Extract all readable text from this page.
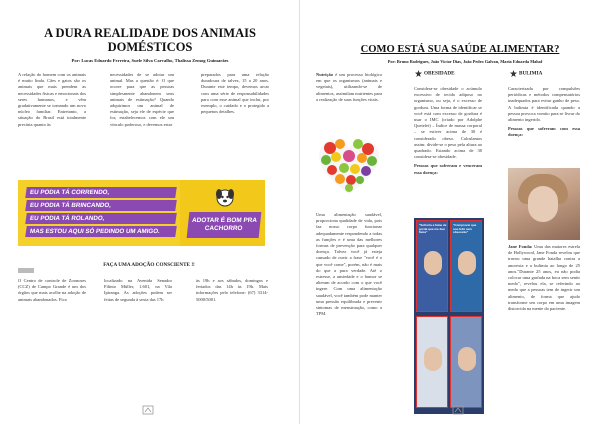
A DURA REALIDADE DOS ANIMAIS DOMÉSTICOS
Por: Lucas Eduardo Ferreira, Suele Silva Carvalho, Thalissa Zemog Guimarães

A relação do homem com os animais é muito linda. Cães e gatos são os animais que mais prendem as necessidades físicas e emocionais dos seres humanos, e vêm gradativamente se tornando um novo núcleo familiar. Entretanto, a situação do Brasil está totalmente precária quanto às

necessidades de se adotar um animal. Mas a questão é: O que ocorre para que as pessoas simplesmente abandonem seus animais de estimação? Quando adquirimos um animal de estimação, seja ele de espécie que for, estabelecemos com ele um vínculo poderoso, e devemos estar

preparados para uma relação duradoura de talvez, 15 a 20 anos. Durante este tempo, devemos arcar com uma série de responsabilidades para com esse animal que inclui, por exemplo, o cuidado e o protegido a pequenos detalhes.

EU PODIA TÁ CORRENDO,
EU PODIA TÁ BRINCANDO,
EU PODIA TÁ ROLANDO,
MAS ESTOU AQUI SÓ PEDINDO UM AMIGO.
ADOTAR É BOM PRA CACHORRO
FAÇA UMA ADOÇÃO CONSCIENTE !!

O Centro de controle de Zoonoses (CCZ) de Campo Grande é um dos órgãos que mais acolhe na adoção de animais abandonados. Fica

localizado na Avenida Senador Filinto Müller, 1.601, na Vila Ipiranga. As adoções podem ser feitas de segunda à sexta das 17h

às 19h e aos sábados, domingos e feriados das 14h às 19h. Mais informações pelo telefone: (67) 3314-5000/5001.

COMO ESTÁ SUA SAÚDE ALIMENTAR?
Por: Bruno Rodrigues, João Victor Dias, João Pedro Galvan, Maria Eduarda Mahaf

Nutrição é um processo biológico em que os organismos (animais e vegetais), utilizando-se de alimentos, assimilam nutrientes para a realização de suas funções vitais.

Uma alimentação saudável, proporciona qualidade de vida, pois faz nosso corpo funcionar adequadamente respondendo a todas as funções e é uma das melhores formas de prevenção para qualquer doença. Talvez você já esteja cansado de ouvir a frase "você é o que você come", porém, não é mais do que a pura verdade. Até o estresse, a ansiedade e o humor se alteram de acordo com o que você ingere. Com uma alimentação saudável, você também pode manter uma pressão equilibrada e prevenir sintomas de menstruação, como a TPM.

OBESIDADE	BULIMIA

Considera-se obesidade o acúmulo excessivo de tecido adiposo no organismo, ou seja, é o excesso de gordura. Uma forma de identificar se você está com excesso de gordura é usar o IMC (criado por Adolphe Quetelet) – Índice de massa corporal – se estiver acima de 30 é considerado obeso. Calculamos assim: divide-se o peso pela altura ao quadrado. Estando acima de 30 considera-se obesidade.

Pessoas que sofreram e venceram essa doença:

Caracterizada por compulsões periódicas e métodos compensatórios inadequados para evitar ganho de peso. A bulimia é identificada quando a pessoa provoca vomito para se livrar do alimento ingerido.

Pessoas que sofreram com essa doença:

Jane Fonda: Uma das maiores estrela de Hollywood, Jane Fonda revelou que travou uma grande batalha contra a anorexia e a bulimia ao longo de 25 anos."Durante 25 anos, eu não podia colocar uma garfada na boca sem sentir medo", revelou ela, se referindo ao medo que a pessoas tem de ingerir um alimento, de forma que ajudo transforme seu corpo em uma imagem distorcida na mente do paciente.

"Sofreria a fama de gorda que me deu fama"
"Comprovei que sou feliz sem obsessão"
